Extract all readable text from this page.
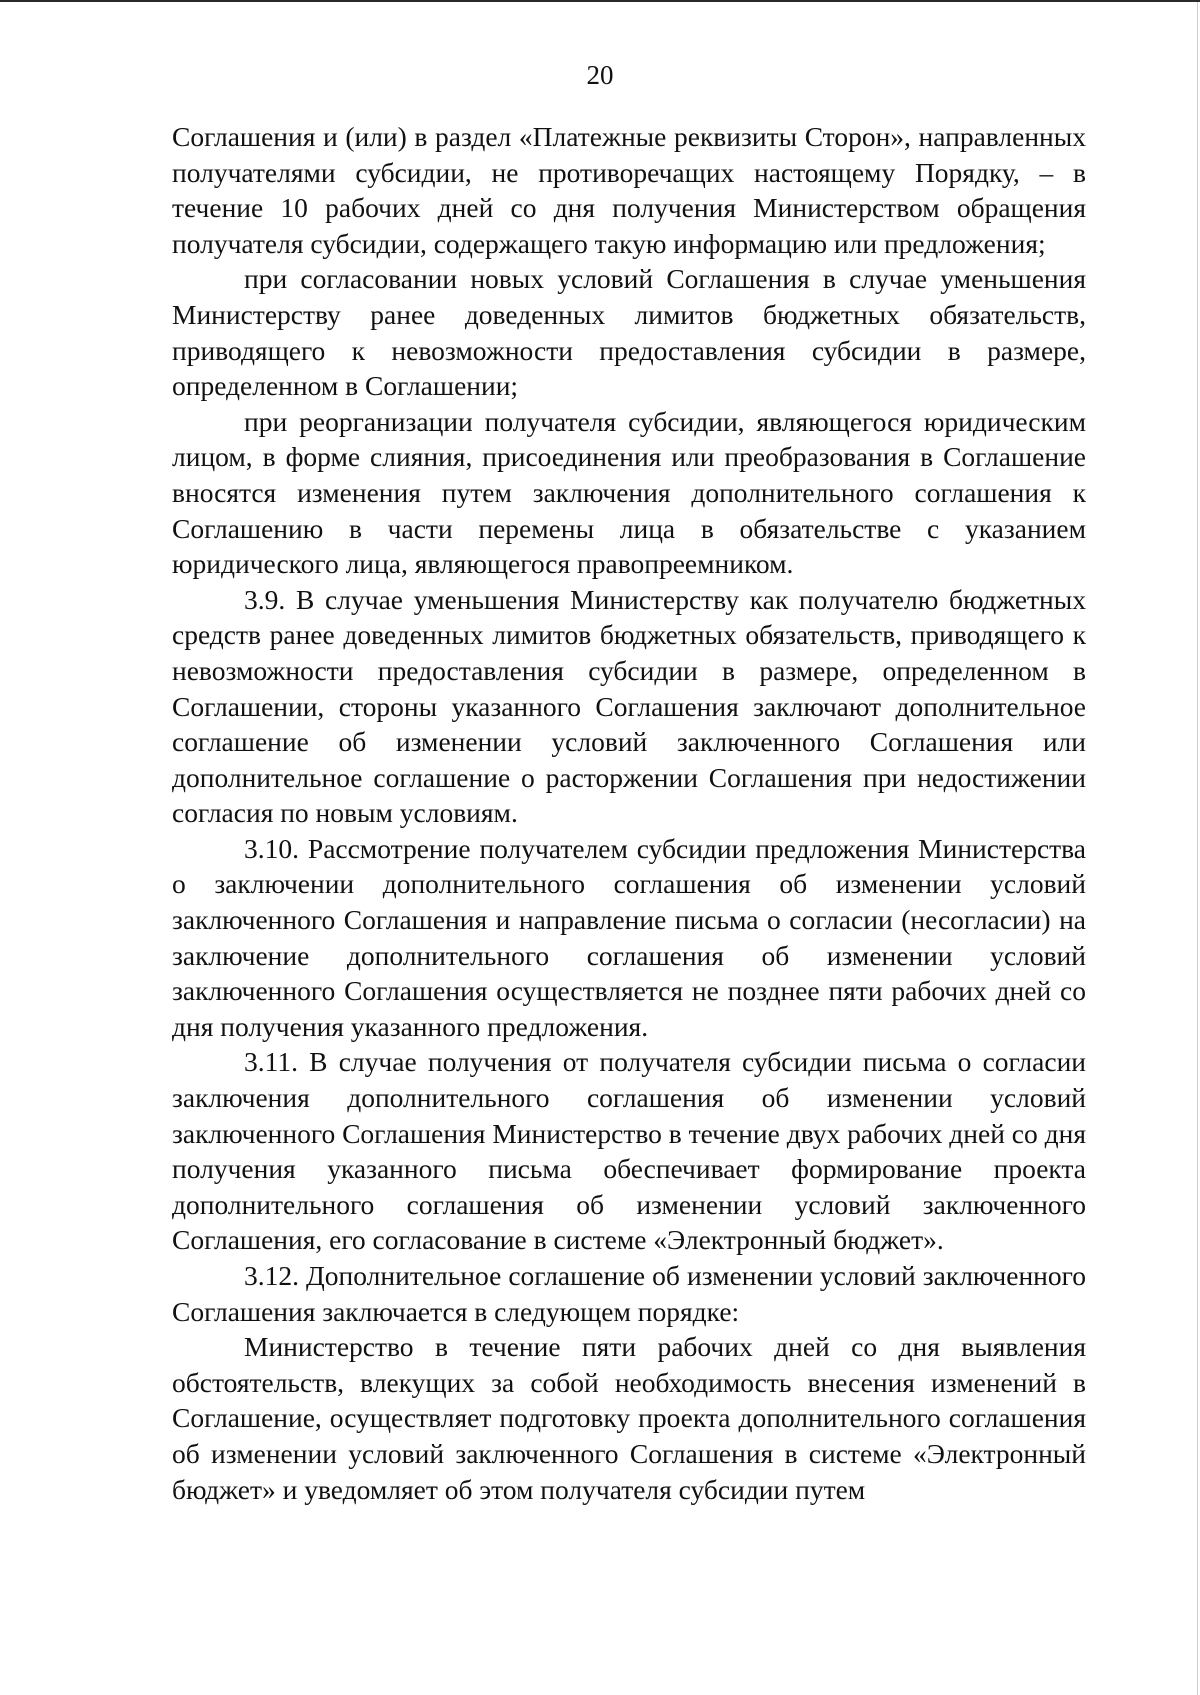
20

Соглашения и (или) в раздел «Платежные реквизиты Сторон», направленных получателями субсидии, не противоречащих настоящему Порядку, – в течение 10 рабочих дней со дня получения Министерством обращения получателя субсидии, содержащего такую информацию или предложения;

при согласовании новых условий Соглашения в случае уменьшения Министерству ранее доведенных лимитов бюджетных обязательств, приводящего к невозможности предоставления субсидии в размере, определенном в Соглашении;

при реорганизации получателя субсидии, являющегося юридическим лицом, в форме слияния, присоединения или преобразования в Соглашение вносятся изменения путем заключения дополнительного соглашения к Соглашению в части перемены лица в обязательстве с указанием юридического лица, являющегося правопреемником.

3.9. В случае уменьшения Министерству как получателю бюджетных средств ранее доведенных лимитов бюджетных обязательств, приводящего к невозможности предоставления субсидии в размере, определенном в Соглашении, стороны указанного Соглашения заключают дополнительное соглашение об изменении условий заключенного Соглашения или дополнительное соглашение о расторжении Соглашения при недостижении согласия по новым условиям.

3.10. Рассмотрение получателем субсидии предложения Министерства о заключении дополнительного соглашения об изменении условий заключенного Соглашения и направление письма о согласии (несогласии) на заключение дополнительного соглашения об изменении условий заключенного Соглашения осуществляется не позднее пяти рабочих дней со дня получения указанного предложения.

3.11. В случае получения от получателя субсидии письма о согласии заключения дополнительного соглашения об изменении условий заключенного Соглашения Министерство в течение двух рабочих дней со дня получения указанного письма обеспечивает формирование проекта дополнительного соглашения об изменении условий заключенного Соглашения, его согласование в системе «Электронный бюджет».

3.12. Дополнительное соглашение об изменении условий заключенного Соглашения заключается в следующем порядке:

Министерство в течение пяти рабочих дней со дня выявления обстоятельств, влекущих за собой необходимость внесения изменений в Соглашение, осуществляет подготовку проекта дополнительного соглашения об изменении условий заключенного Соглашения в системе «Электронный бюджет» и уведомляет об этом получателя субсидии путем
